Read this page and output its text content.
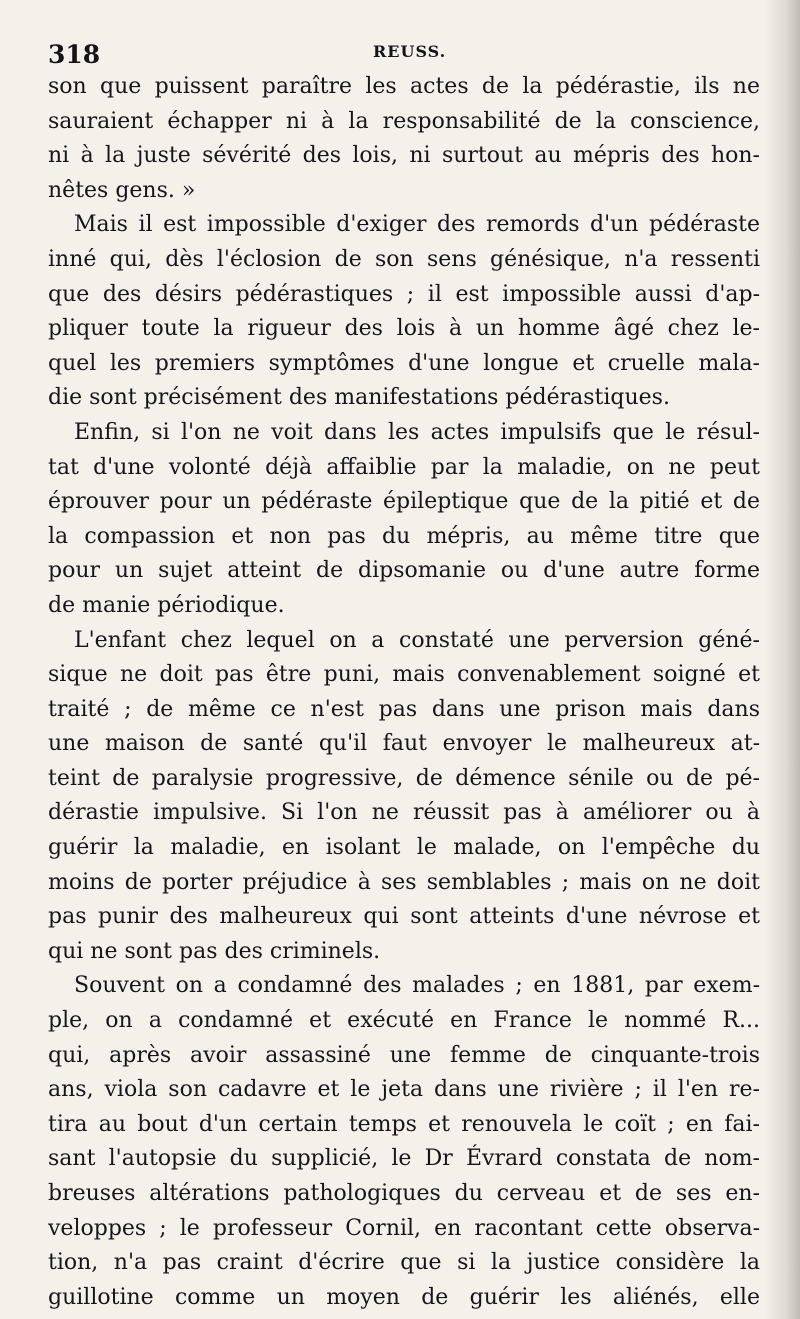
318	REUSS.

son que puissent paraître les actes de la pédérastie, ils ne

sauraient échapper ni à la responsabilité de la conscience,

ni à la juste sévérité des lois, ni surtout au mépris des hon-

nêtes gens. »

Mais il est impossible d'exiger des remords d'un pédéraste

inné qui, dès l'éclosion de son sens génésique, n'a ressenti

que des désirs pédérastiques ; il est impossible aussi d'ap-

pliquer toute la rigueur des lois à un homme âgé chez le-

quel les premiers symptômes d'une longue et cruelle mala-

die sont précisément des manifestations pédérastiques.

Enfin, si l'on ne voit dans les actes impulsifs que le résul-

tat d'une volonté déjà affaiblie par la maladie, on ne peut

éprouver pour un pédéraste épileptique que de la pitié et de

la compassion et non pas du mépris, au même titre que

pour un sujet atteint de dipsomanie ou d'une autre forme

de manie périodique.

L'enfant chez lequel on a constaté une perversion géné-

sique ne doit pas être puni, mais convenablement soigné et

traité ; de même ce n'est pas dans une prison mais dans

une maison de santé qu'il faut envoyer le malheureux at-

teint de paralysie progressive, de démence sénile ou de pé-

dérastie impulsive. Si l'on ne réussit pas à améliorer ou à

guérir la maladie, en isolant le malade, on l'empêche du

moins de porter préjudice à ses semblables ; mais on ne doit

pas punir des malheureux qui sont atteints d'une névrose et

qui ne sont pas des criminels.

Souvent on a condamné des malades ; en 1881, par exem-

ple, on a condamné et exécuté en France le nommé R...

qui, après avoir assassiné une femme de cinquante-trois

ans, viola son cadavre et le jeta dans une rivière ; il l'en re-

tira au bout d'un certain temps et renouvela le coït ; en fai-

sant l'autopsie du supplicié, le Dr Évrard constata de nom-

breuses altérations pathologiques du cerveau et de ses en-

veloppes ; le professeur Cornil, en racontant cette observa-

tion, n'a pas craint d'écrire que si la justice considère la

guillotine comme un moyen de guérir les aliénés, elle
